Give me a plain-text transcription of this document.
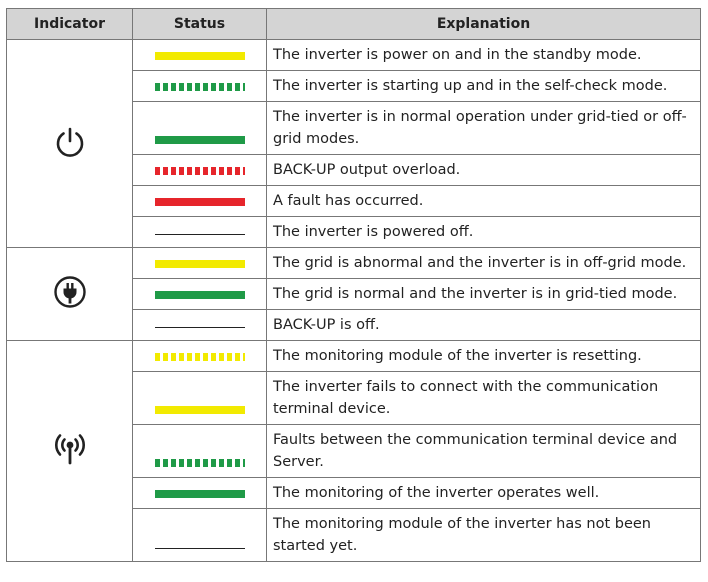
Indicator	Status	Explanation
		The inverter is power on and in the standby mode.
		The inverter is starting up and in the self-check mode.
		The inverter is in normal operation under grid-tied or off-grid modes.
		BACK-UP output overload.
		A fault has occurred.
		The inverter is powered off.
		The grid is abnormal and the inverter is in off-grid mode.
		The grid is normal and the inverter is in grid-tied mode.
		BACK-UP is off.
		The monitoring module of the inverter is resetting.
		The inverter fails to connect with the communication terminal device.
		Faults between the communication terminal device and Server.
		The monitoring of the inverter operates well.
		The monitoring module of the inverter has not been started yet.
